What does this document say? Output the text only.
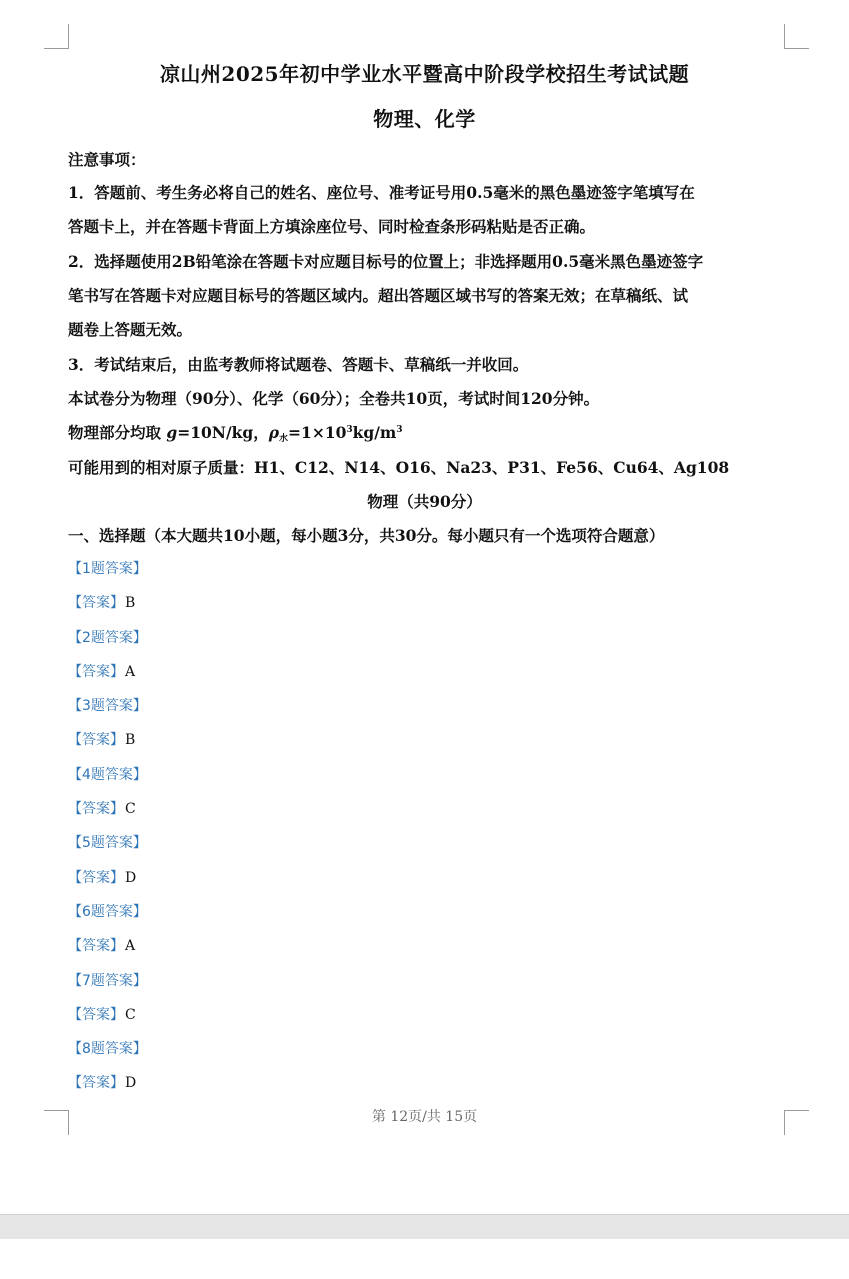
凉山州2025年初中学业水平暨高中阶段学校招生考试试题
物理、化学
注意事项：
1．答题前、考生务必将自己的姓名、座位号、准考证号用0.5毫米的黑色墨迹签字笔填写在
答题卡上，并在答题卡背面上方填涂座位号、同时检查条形码粘贴是否正确。
2．选择题使用2B铅笔涂在答题卡对应题目标号的位置上；非选择题用0.5毫米黑色墨迹签字
笔书写在答题卡对应题目标号的答题区域内。超出答题区域书写的答案无效；在草稿纸、试
题卷上答题无效。
3．考试结束后，由监考教师将试题卷、答题卡、草稿纸一并收回。
本试卷分为物理（90分）、化学（60分）；全卷共10页，考试时间120分钟。
物理部分均取 g=10N/kg，$\rho_水=1\times 10^3kg/m^3$
可能用到的相对原子质量：H1、C12、N14、O16、Na23、P31、Fe56、Cu64、Ag108
物理（共90分）
一、选择题（本大题共10小题，每小题3分，共30分。每小题只有一个选项符合题意）
【1题答案】
【答案】B
【2题答案】
【答案】A
【3题答案】
【答案】B
【4题答案】
【答案】C
【5题答案】
【答案】D
【6题答案】
【答案】A
【7题答案】
【答案】C
【8题答案】
【答案】D
第 12页/共 15页
